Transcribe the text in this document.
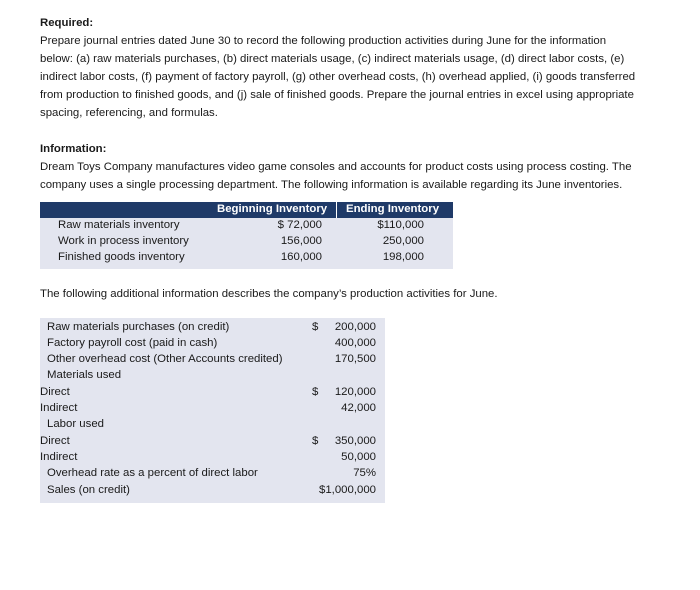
Required:
Prepare journal entries dated June 30 to record the following production activities during June for the information
below: (a) raw materials purchases, (b) direct materials usage, (c) indirect materials usage, (d) direct labor costs, (e)
indirect labor costs, (f) payment of factory payroll, (g) other overhead costs, (h) overhead applied, (i) goods transferred
from production to finished goods, and (j) sale of finished goods. Prepare the journal entries in excel using appropriate
spacing, referencing, and formulas.
Information:
Dream Toys Company manufactures video game consoles and accounts for product costs using process costing. The
company uses a single processing department. The following information is available regarding its June inventories.
Beginning Inventory Ending Inventory
Raw materials inventory	$ 72,000	$110,000
Work in process inventory	156,000	250,000
Finished goods inventory	160,000	198,000
The following additional information describes the company’s production activities for June.
Raw materials purchases (on credit)	$	200,000
Factory payroll cost (paid in cash)	400,000
Other overhead cost (Other Accounts credited)	170,500
Materials used
Direct	$	120,000
Indirect	42,000
Labor used
Direct	$	350,000
Indirect	50,000
Overhead rate as a percent of direct labor	75%
Sales (on credit)	$1,000,000
